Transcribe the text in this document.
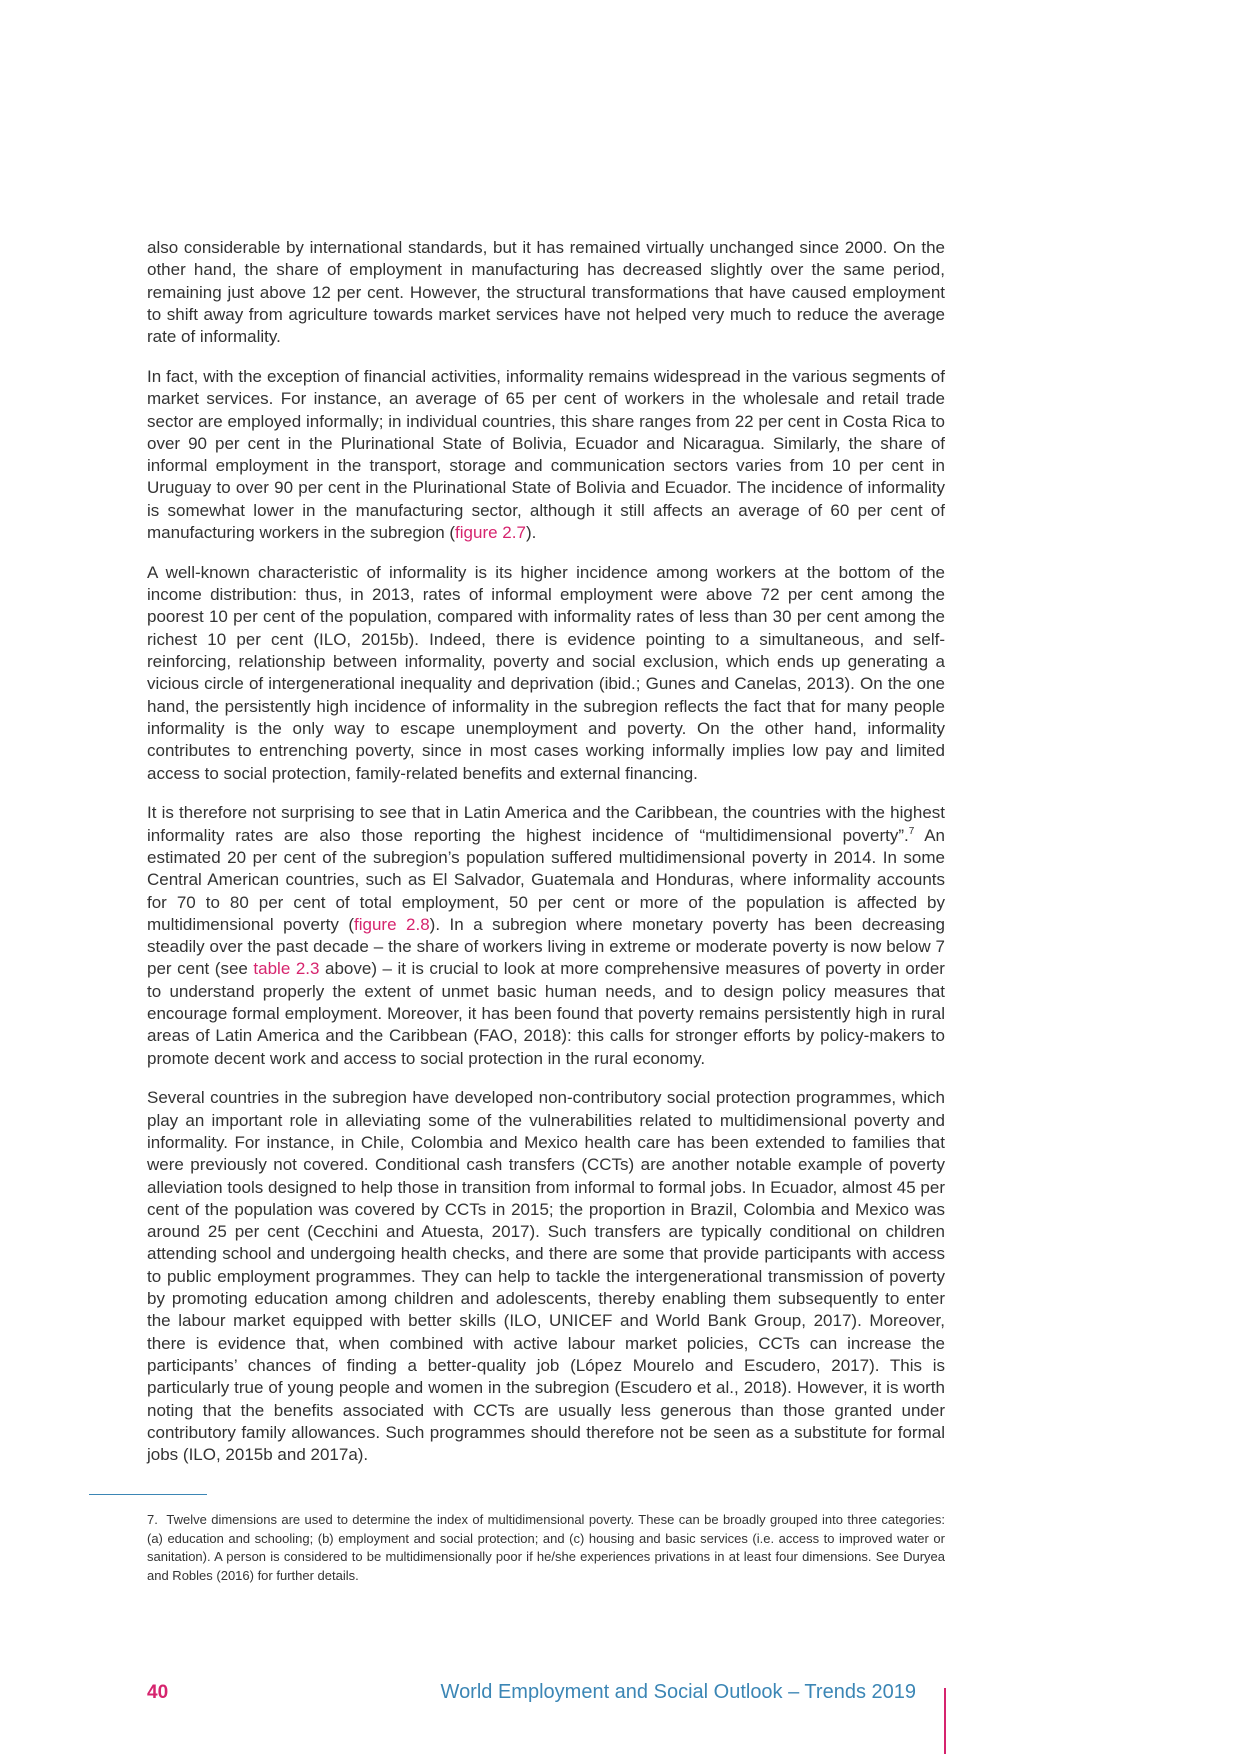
also considerable by international standards, but it has remained virtually unchanged since 2000. On the other hand, the share of employment in manufacturing has decreased slightly over the same period, remaining just above 12 per cent. However, the structural transformations that have caused employment to shift away from agriculture towards market services have not helped very much to reduce the average rate of informality.

In fact, with the exception of financial activities, informality remains widespread in the various segments of market services. For instance, an average of 65 per cent of workers in the wholesale and retail trade sector are employed informally; in individual countries, this share ranges from 22 per cent in Costa Rica to over 90 per cent in the Plurinational State of Bolivia, Ecuador and Nicaragua. Similarly, the share of informal employment in the transport, storage and communication sectors varies from 10 per cent in Uruguay to over 90 per cent in the Plurinational State of Bolivia and Ecuador. The incidence of informality is somewhat lower in the manufacturing sector, although it still affects an average of 60 per cent of manufacturing workers in the subregion (figure 2.7).

A well-known characteristic of informality is its higher incidence among workers at the bottom of the income distribution: thus, in 2013, rates of informal employment were above 72 per cent among the poorest 10 per cent of the population, compared with informality rates of less than 30 per cent among the richest 10 per cent (ILO, 2015b). Indeed, there is evidence pointing to a simultaneous, and self-reinforcing, relationship between informality, poverty and social exclusion, which ends up generating a vicious circle of intergenerational inequality and deprivation (ibid.; Gunes and Canelas, 2013). On the one hand, the persistently high incidence of informality in the subregion reflects the fact that for many people informality is the only way to escape unemployment and poverty. On the other hand, informality contributes to entrenching poverty, since in most cases working informally implies low pay and limited access to social protection, family-related benefits and external financing.

It is therefore not surprising to see that in Latin America and the Caribbean, the countries with the highest informality rates are also those reporting the highest incidence of “multidimensional poverty”.$^7$ An estimated 20 per cent of the subregion’s population suffered multidimensional poverty in 2014. In some Central American countries, such as El Salvador, Guatemala and Honduras, where informality accounts for 70 to 80 per cent of total employment, 50 per cent or more of the population is affected by multidimensional poverty (figure 2.8). In a subregion where monetary poverty has been decreasing steadily over the past decade – the share of workers living in extreme or moderate poverty is now below 7 per cent (see table 2.3 above) – it is crucial to look at more comprehensive measures of poverty in order to understand properly the extent of unmet basic human needs, and to design policy measures that encourage formal employment. Moreover, it has been found that poverty remains persistently high in rural areas of Latin America and the Caribbean (FAO, 2018): this calls for stronger efforts by policy-makers to promote decent work and access to social protection in the rural economy.

Several countries in the subregion have developed non-contributory social protection programmes, which play an important role in alleviating some of the vulnerabilities related to multidimensional poverty and informality. For instance, in Chile, Colombia and Mexico health care has been extended to families that were previously not covered. Conditional cash transfers (CCTs) are another notable example of poverty alleviation tools designed to help those in transition from informal to formal jobs. In Ecuador, almost 45 per cent of the population was covered by CCTs in 2015; the proportion in Brazil, Colombia and Mexico was around 25 per cent (Cecchini and Atuesta, 2017). Such transfers are typically conditional on children attending school and undergoing health checks, and there are some that provide participants with access to public employment programmes. They can help to tackle the intergenerational transmission of poverty by promoting education among children and adolescents, thereby enabling them subsequently to enter the labour market equipped with better skills (ILO, UNICEF and World Bank Group, 2017). Moreover, there is evidence that, when combined with active labour market policies, CCTs can increase the participants’ chances of finding a better-quality job (López Mourelo and Escudero, 2017). This is particularly true of young people and women in the subregion (Escudero et al., 2018). However, it is worth noting that the benefits associated with CCTs are usually less generous than those granted under contributory family allowances. Such programmes should therefore not be seen as a substitute for formal jobs (ILO, 2015b and 2017a).

7. Twelve dimensions are used to determine the index of multidimensional poverty. These can be broadly grouped into three categories: (a) education and schooling; (b) employment and social protection; and (c) housing and basic services (i.e. access to improved water or sanitation). A person is considered to be multidimensionally poor if he/she experiences privations in at least four dimensions. See Duryea and Robles (2016) for further details.
40	World Employment and Social Outlook – Trends 2019
